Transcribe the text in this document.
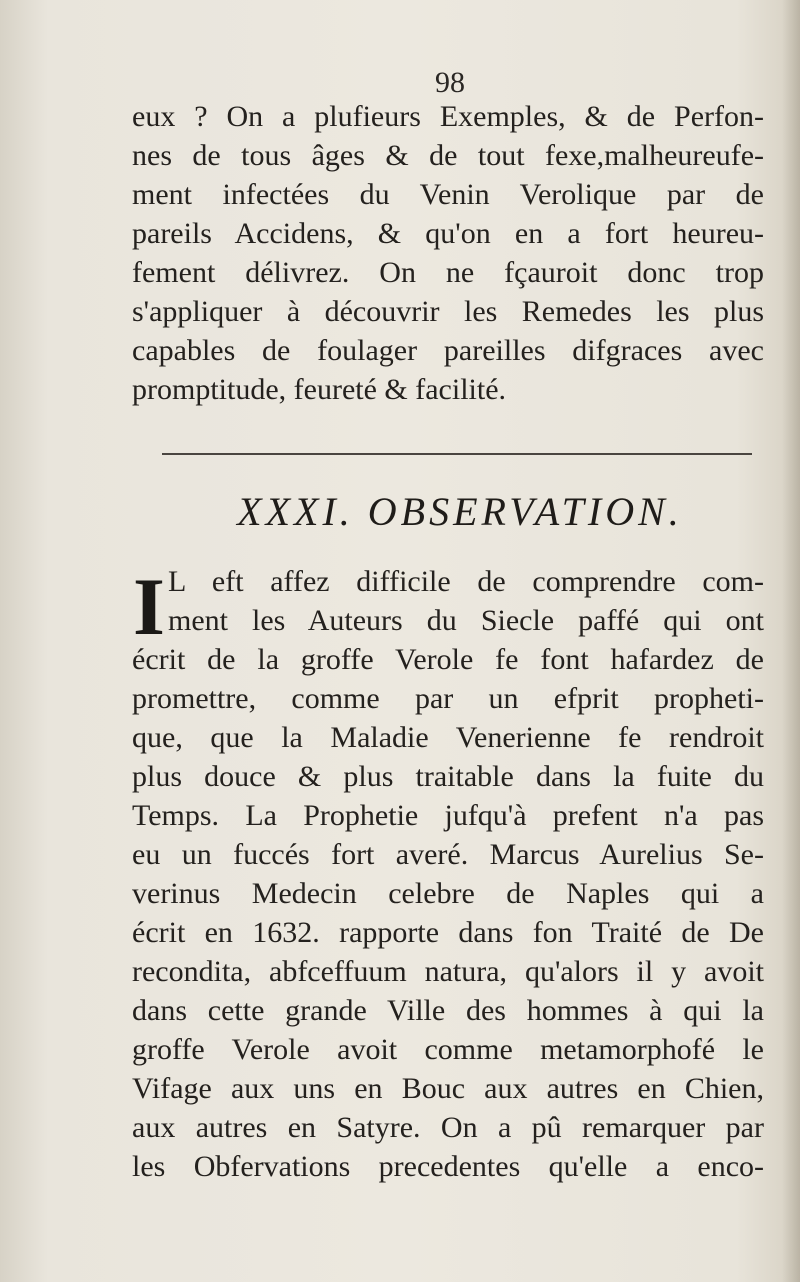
98
eux ? On a plufieurs Exemples, & de Perfon-
nes de tous âges & de tout fexe,malheureufe-
ment infectées du Venin Verolique par de
pareils Accidens, & qu'on en a fort heureu-
fement délivrez. On ne fçauroit donc trop
s'appliquer à découvrir les Remedes les plus
capables de foulager pareilles difgraces avec
promptitude, feureté & facilité.
XXXI. OBSERVATION.
I L eft affez difficile de comprendre com-
ment les Auteurs du Siecle paffé qui ont
écrit de la groffe Verole fe font hafardez de
promettre, comme par un efprit propheti-
que, que la Maladie Venerienne fe rendroit
plus douce & plus traitable dans la fuite du
Temps. La Prophetie jufqu'à prefent n'a pas
eu un fuccés fort averé. Marcus Aurelius Se-
verinus Medecin celebre de Naples qui a
écrit en 1632. rapporte dans fon Traité de De
recondita, abfceffuum natura, qu'alors il y avoit
dans cette grande Ville des hommes à qui la
groffe Verole avoit comme metamorphofé le
Vifage aux uns en Bouc aux autres en Chien,
aux autres en Satyre. On a pû remarquer par
les Obfervations precedentes qu'elle a enco-
